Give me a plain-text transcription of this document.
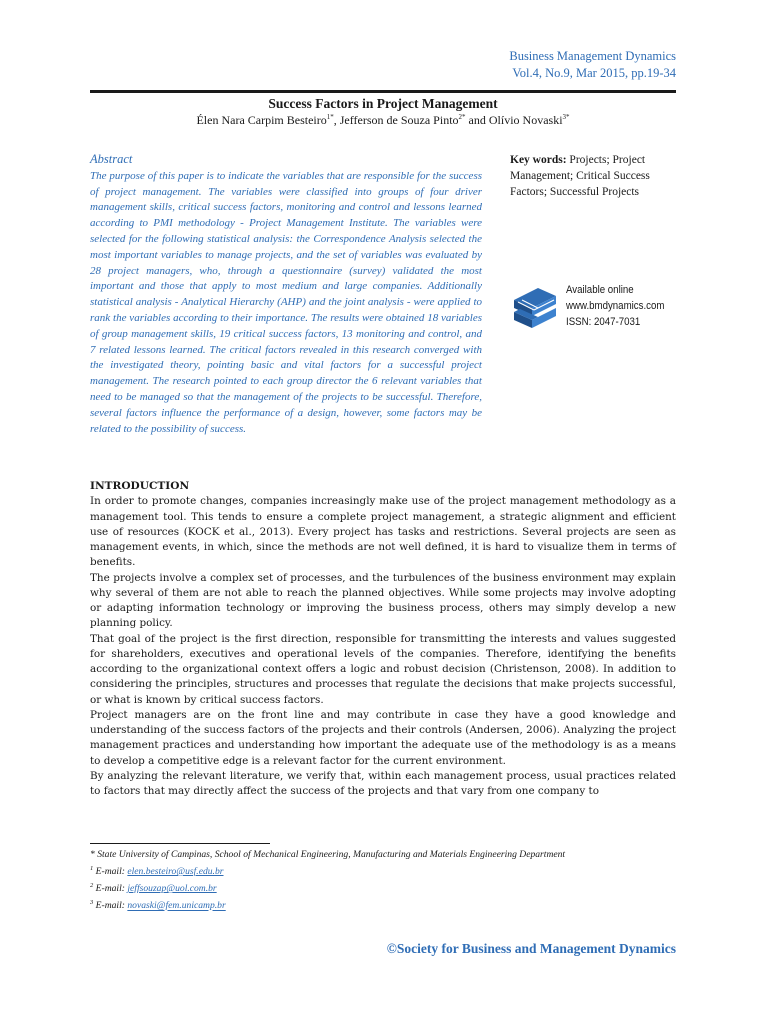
Business Management Dynamics
Vol.4, No.9, Mar 2015, pp.19-34
Success Factors in Project Management
Élen Nara Carpim Besteiro$^{1*}$, Jefferson de Souza Pinto$^{2*}$ and Olívio Novaski$^{3*}$
Abstract
The purpose of this paper is to indicate the variables that are responsible for the success of project management. The variables were classified into groups of four driver management skills, critical success factors, monitoring and control and lessons learned according to PMI methodology - Project Management Institute. The variables were selected for the following statistical analysis: the Correspondence Analysis selected the most important variables to manage projects, and the set of variables was evaluated by 28 project managers, who, through a questionnaire (survey) validated the most important and those that apply to most medium and large companies. Additionally statistical analysis - Analytical Hierarchy (AHP) and the joint analysis - were applied to rank the variables according to their importance. The results were obtained 18 variables of group management skills, 19 critical success factors, 13 monitoring and control, and 7 related lessons learned. The critical factors revealed in this research converged with the investigated theory, pointing basic and vital factors for a successful project management. The research pointed to each group director the 6 relevant variables that need to be managed so that the management of the projects to be successful. Therefore, several factors influence the performance of a design, however, some factors may be related to the possibility of success.
Key words: Projects; Project Management; Critical Success Factors; Successful Projects
Available online
www.bmdynamics.com
ISSN: 2047-7031
INTRODUCTION

In order to promote changes, companies increasingly make use of the project management methodology as a management tool. This tends to ensure a complete project management, a strategic alignment and efficient use of resources (KOCK et al., 2013). Every project has tasks and restrictions. Several projects are seen as management events, in which, since the methods are not well defined, it is hard to visualize them in terms of benefits.

The projects involve a complex set of processes, and the turbulences of the business environment may explain why several of them are not able to reach the planned objectives. While some projects may involve adopting or adapting information technology or improving the business process, others may simply develop a new planning policy.

That goal of the project is the first direction, responsible for transmitting the interests and values suggested for shareholders, executives and operational levels of the companies. Therefore, identifying the benefits according to the organizational context offers a logic and robust decision (Christenson, 2008). In addition to considering the principles, structures and processes that regulate the decisions that make projects successful, or what is known by critical success factors.

Project managers are on the front line and may contribute in case they have a good knowledge and understanding of the success factors of the projects and their controls (Andersen, 2006). Analyzing the project management practices and understanding how important the adequate use of the methodology is as a means to develop a competitive edge is a relevant factor for the current environment.

By analyzing the relevant literature, we verify that, within each management process, usual practices related to factors that may directly affect the success of the projects and that vary from one company to

* State University of Campinas, School of Mechanical Engineering, Manufacturing and Materials Engineering Department
$^1$ E-mail: elen.besteiro@usf.edu.br
$^2$ E-mail: jeffsouzap@uol.com.br
$^3$ E-mail: novaski@fem.unicamp.br
©Society for Business and Management Dynamics
